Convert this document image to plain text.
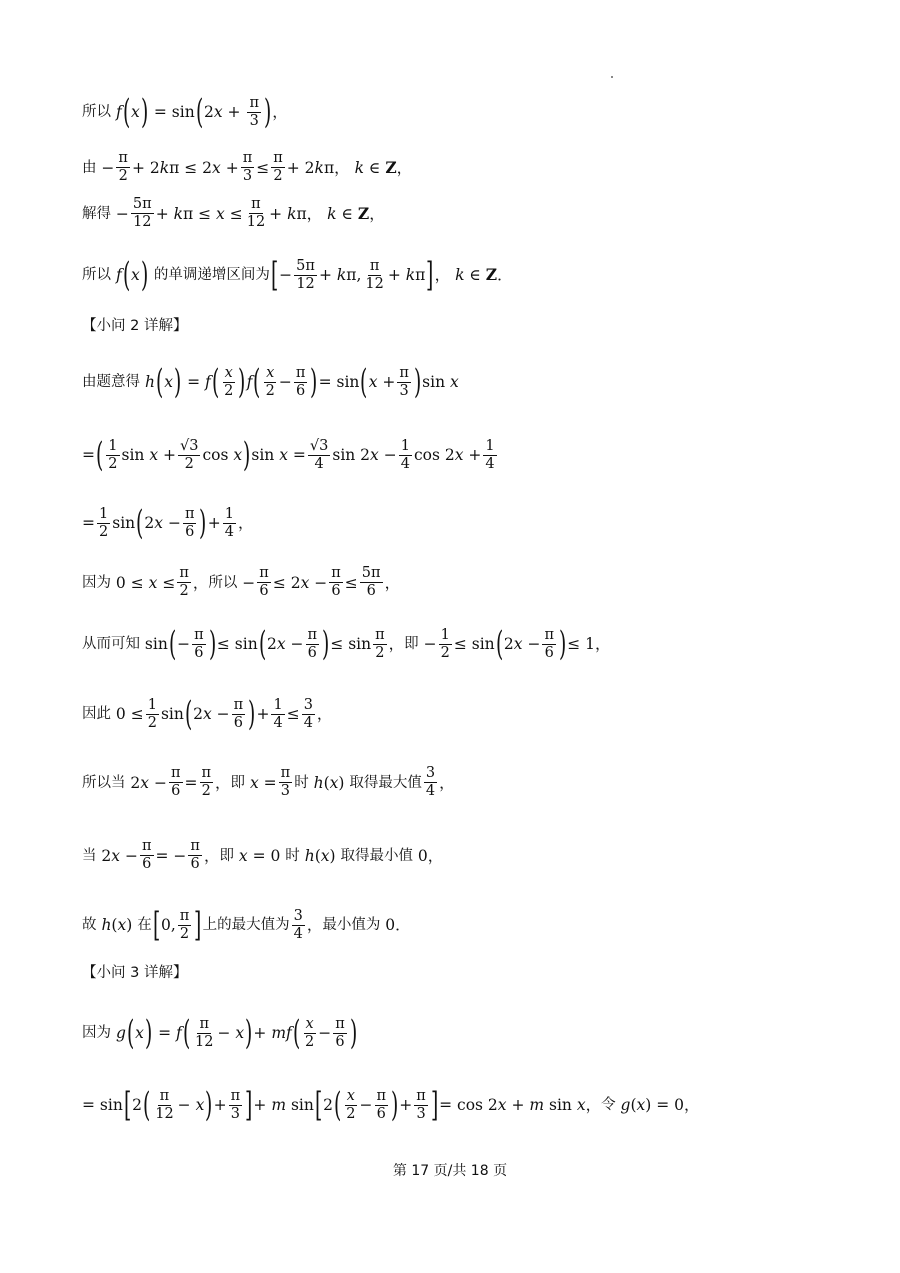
所以
f ( x ) = sin ( 2 $x + \frac{\pi}{3}$ ) ，
由 − $\frac{\pi}{2} + 2$ k π ≤ 2 $x + \frac{\pi}{3} \le \frac{\pi}{2} + 2$ k π， k ∈ Z ，
解得 − $\frac{5\pi}{12} + k$ $\pi \le x \le \frac{\pi}{12} + k$ π， k ∈ Z ，
所以
f ( x )
的单调递增区间为 [ − $\frac{5\pi}{12} + k$ π, $\frac{\pi}{12} + k$ π ] ， k ∈ Z ．
【小问 2 详解】
由题意得
h ( x ) = f ( $\frac{x}{2}$ ) f ( $\frac{x}{2} - \frac{\pi}{6}$ ) = sin ( $x + \frac{\pi}{3}$ ) sin x
= ( $\frac{1}{2}$ $\sin x + \frac{√3}{2}$ cos x ) $\sin x = \frac{√3}{4}$ sin 2 $x - \frac{1}{4}$ cos 2 $x + \frac{1}{4}$
= $\frac{1}{2}$ sin ( 2 $x - \frac{\pi}{6}$ ) + $\frac{1}{4}$ ，
因为 $0 \le x \le \frac{\pi}{2}$ ， 所以 − $\frac{\pi}{6} \le 2$ $x - \frac{\pi}{6} \le \frac{5\pi}{6}$ ，
从而可知 sin ( − $\frac{\pi}{6}$ ) ≤ sin ( 2 $x - \frac{\pi}{6}$ ) ≤ $\sin \frac{\pi}{2}$ ， 即 − $\frac{1}{2} \le \sin$ ( 2 $x - \frac{\pi}{6}$ ) ≤ 1，
因此 $0 \le \frac{1}{2}$ sin ( 2 $x - \frac{\pi}{6}$ ) + $\frac{1}{4} \le \frac{3}{4}$ ，
所以当 2 $x - \frac{\pi}{6} = \frac{\pi}{2}$ ， 即
$x = \frac{\pi}{3}$ 时
h ( x ) 取得最大值 $\frac{3}{4}$ ，
当 2 $x - \frac{\pi}{6}$ = − $\frac{\pi}{6}$ ， 即
x = 0 时
h ( x ) 取得最小值 0，
故
h ( x ) 在 [ 0, $\frac{\pi}{2}$ ] 上的最大值为 $\frac{3}{4}$ ， 最小值为 0．
【小问 3 详解】
因为
g ( x ) = f ( $\frac{\pi}{12} - x$ ) + mf ( $\frac{x}{2} - \frac{\pi}{6}$ )
= sin [ 2 ( $\frac{\pi}{12} - x$ ) + $\frac{\pi}{3}$ ] + m sin [ 2 ( $\frac{x}{2} - \frac{\pi}{6}$ ) + $\frac{\pi}{3}$ ] = cos 2 x + m sin x ， 令
g ( x ) = 0，
第 17 页/共 18 页
